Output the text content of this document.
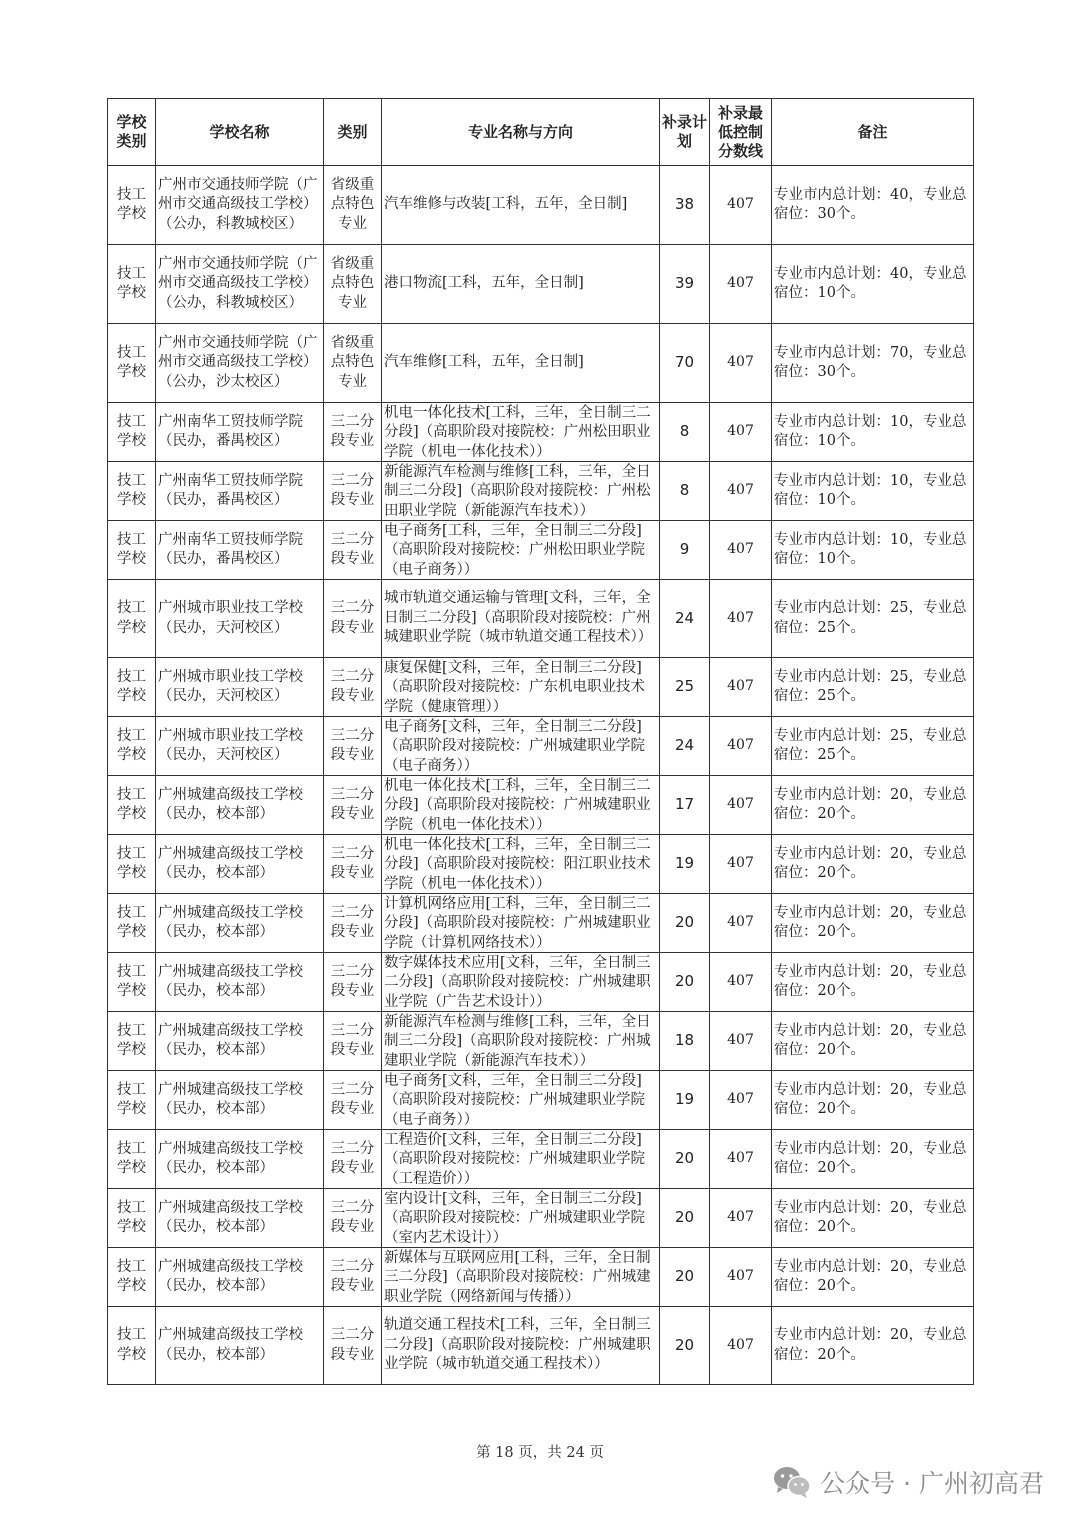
学校类别	学校名称	类别	专业名称与方向	补录计划	补录最低控制分数线	备注

技工学校	广州市交通技师学院（广州市交通高级技工学校）（公办，科教城校区）	省级重点特色专业	汽车维修与改装[工科，五年，全日制]	38	407	专业市内总计划：40，专业总宿位：30个。

技工学校	广州市交通技师学院（广州市交通高级技工学校）（公办，科教城校区）	省级重点特色专业	港口物流[工科，五年，全日制]	39	407	专业市内总计划：40，专业总宿位：10个。

技工学校	广州市交通技师学院（广州市交通高级技工学校）（公办，沙太校区）	省级重点特色专业	汽车维修[工科，五年，全日制]	70	407	专业市内总计划：70，专业总宿位：30个。

技工学校	广州南华工贸技师学院（民办，番禺校区）	三二分段专业	机电一体化技术[工科，三年，全日制三二分段]（高职阶段对接院校：广州松田职业学院（机电一体化技术））	8	407	专业市内总计划：10，专业总宿位：10个。

技工学校	广州南华工贸技师学院（民办，番禺校区）	三二分段专业	新能源汽车检测与维修[工科，三年，全日制三二分段]（高职阶段对接院校：广州松田职业学院（新能源汽车技术））	8	407	专业市内总计划：10，专业总宿位：10个。

技工学校	广州南华工贸技师学院（民办，番禺校区）	三二分段专业	电子商务[工科，三年，全日制三二分段]（高职阶段对接院校：广州松田职业学院（电子商务））	9	407	专业市内总计划：10，专业总宿位：10个。

技工学校	广州城市职业技工学校（民办，天河校区）	三二分段专业	城市轨道交通运输与管理[文科，三年，全日制三二分段]（高职阶段对接院校：广州城建职业学院（城市轨道交通工程技术））	24	407	专业市内总计划：25，专业总宿位：25个。

技工学校	广州城市职业技工学校（民办，天河校区）	三二分段专业	康复保健[文科，三年，全日制三二分段]（高职阶段对接院校：广东机电职业技术学院（健康管理））	25	407	专业市内总计划：25，专业总宿位：25个。

技工学校	广州城市职业技工学校（民办，天河校区）	三二分段专业	电子商务[文科，三年，全日制三二分段]（高职阶段对接院校：广州城建职业学院（电子商务））	24	407	专业市内总计划：25，专业总宿位：25个。

技工学校	广州城建高级技工学校（民办，校本部）	三二分段专业	机电一体化技术[工科，三年，全日制三二分段]（高职阶段对接院校：广州城建职业学院（机电一体化技术））	17	407	专业市内总计划：20，专业总宿位：20个。

技工学校	广州城建高级技工学校（民办，校本部）	三二分段专业	机电一体化技术[工科，三年，全日制三二分段]（高职阶段对接院校：阳江职业技术学院（机电一体化技术））	19	407	专业市内总计划：20，专业总宿位：20个。

技工学校	广州城建高级技工学校（民办，校本部）	三二分段专业	计算机网络应用[工科，三年，全日制三二分段]（高职阶段对接院校：广州城建职业学院（计算机网络技术））	20	407	专业市内总计划：20，专业总宿位：20个。

技工学校	广州城建高级技工学校（民办，校本部）	三二分段专业	数字媒体技术应用[文科，三年，全日制三二分段]（高职阶段对接院校：广州城建职业学院（广告艺术设计））	20	407	专业市内总计划：20，专业总宿位：20个。

技工学校	广州城建高级技工学校（民办，校本部）	三二分段专业	新能源汽车检测与维修[工科，三年，全日制三二分段]（高职阶段对接院校：广州城建职业学院（新能源汽车技术））	18	407	专业市内总计划：20，专业总宿位：20个。

技工学校	广州城建高级技工学校（民办，校本部）	三二分段专业	电子商务[文科，三年，全日制三二分段]（高职阶段对接院校：广州城建职业学院（电子商务））	19	407	专业市内总计划：20，专业总宿位：20个。

技工学校	广州城建高级技工学校（民办，校本部）	三二分段专业	工程造价[文科，三年，全日制三二分段]（高职阶段对接院校：广州城建职业学院（工程造价））	20	407	专业市内总计划：20，专业总宿位：20个。

技工学校	广州城建高级技工学校（民办，校本部）	三二分段专业	室内设计[文科，三年，全日制三二分段]（高职阶段对接院校：广州城建职业学院（室内艺术设计））	20	407	专业市内总计划：20，专业总宿位：20个。

技工学校	广州城建高级技工学校（民办，校本部）	三二分段专业	新媒体与互联网应用[工科，三年，全日制三二分段]（高职阶段对接院校：广州城建职业学院（网络新闻与传播））	20	407	专业市内总计划：20，专业总宿位：20个。

技工学校	广州城建高级技工学校（民办，校本部）	三二分段专业	轨道交通工程技术[工科，三年，全日制三二分段]（高职阶段对接院校：广州城建职业学院（城市轨道交通工程技术））	20	407	专业市内总计划：20，专业总宿位：20个。
第 18 页，共 24 页
公众号 · 广州初高君
